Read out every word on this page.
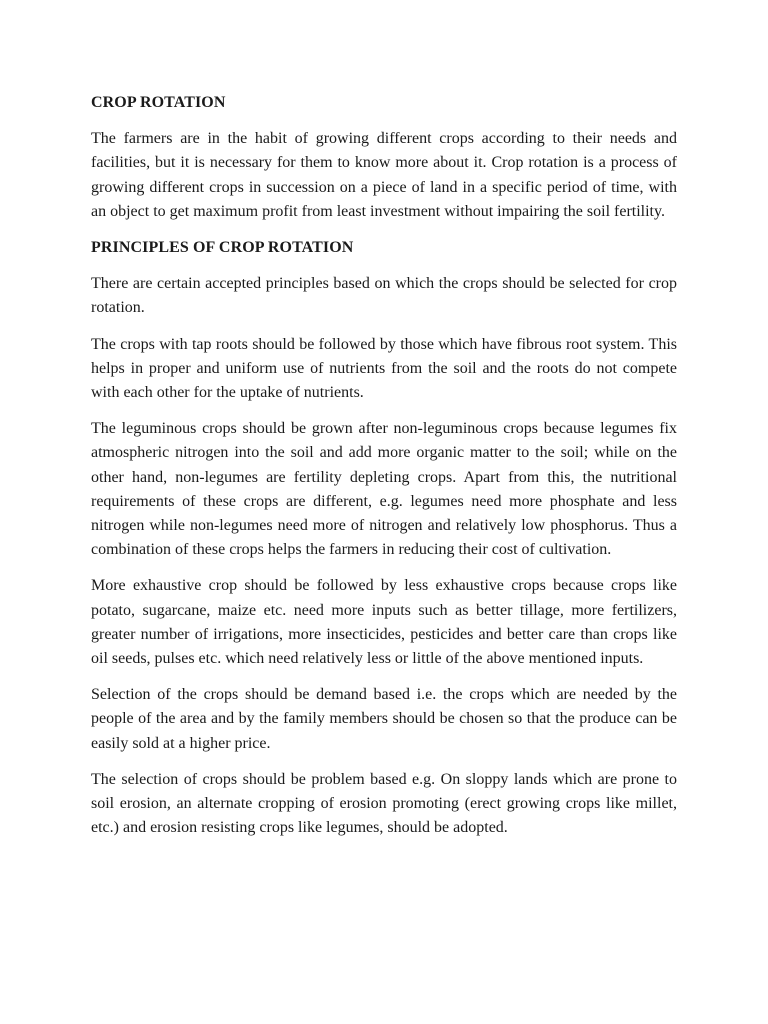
CROP ROTATION

The farmers are in the habit of growing different crops according to their needs and facilities, but it is necessary for them to know more about it. Crop rotation is a process of growing different crops in succession on a piece of land in a specific period of time, with an object to get maximum profit from least investment without impairing the soil fertility.

PRINCIPLES OF CROP ROTATION

There are certain accepted principles based on which the crops should be selected for crop rotation.

The crops with tap roots should be followed by those which have fibrous root system. This helps in proper and uniform use of nutrients from the soil and the roots do not compete with each other for the uptake of nutrients.

The leguminous crops should be grown after non-leguminous crops because legumes fix atmospheric nitrogen into the soil and add more organic matter to the soil; while on the other hand, non-legumes are fertility depleting crops. Apart from this, the nutritional requirements of these crops are different, e.g. legumes need more phosphate and less nitrogen while non-legumes need more of nitrogen and relatively low phosphorus. Thus a combination of these crops helps the farmers in reducing their cost of cultivation.

More exhaustive crop should be followed by less exhaustive crops because crops like potato, sugarcane, maize etc. need more inputs such as better tillage, more fertilizers, greater number of irrigations, more insecticides, pesticides and better care than crops like oil seeds, pulses etc. which need relatively less or little of the above mentioned inputs.

Selection of the crops should be demand based i.e. the crops which are needed by the people of the area and by the family members should be chosen so that the produce can be easily sold at a higher price.

The selection of crops should be problem based e.g. On sloppy lands which are prone to soil erosion, an alternate cropping of erosion promoting (erect growing crops like millet, etc.) and erosion resisting crops like legumes, should be adopted.
